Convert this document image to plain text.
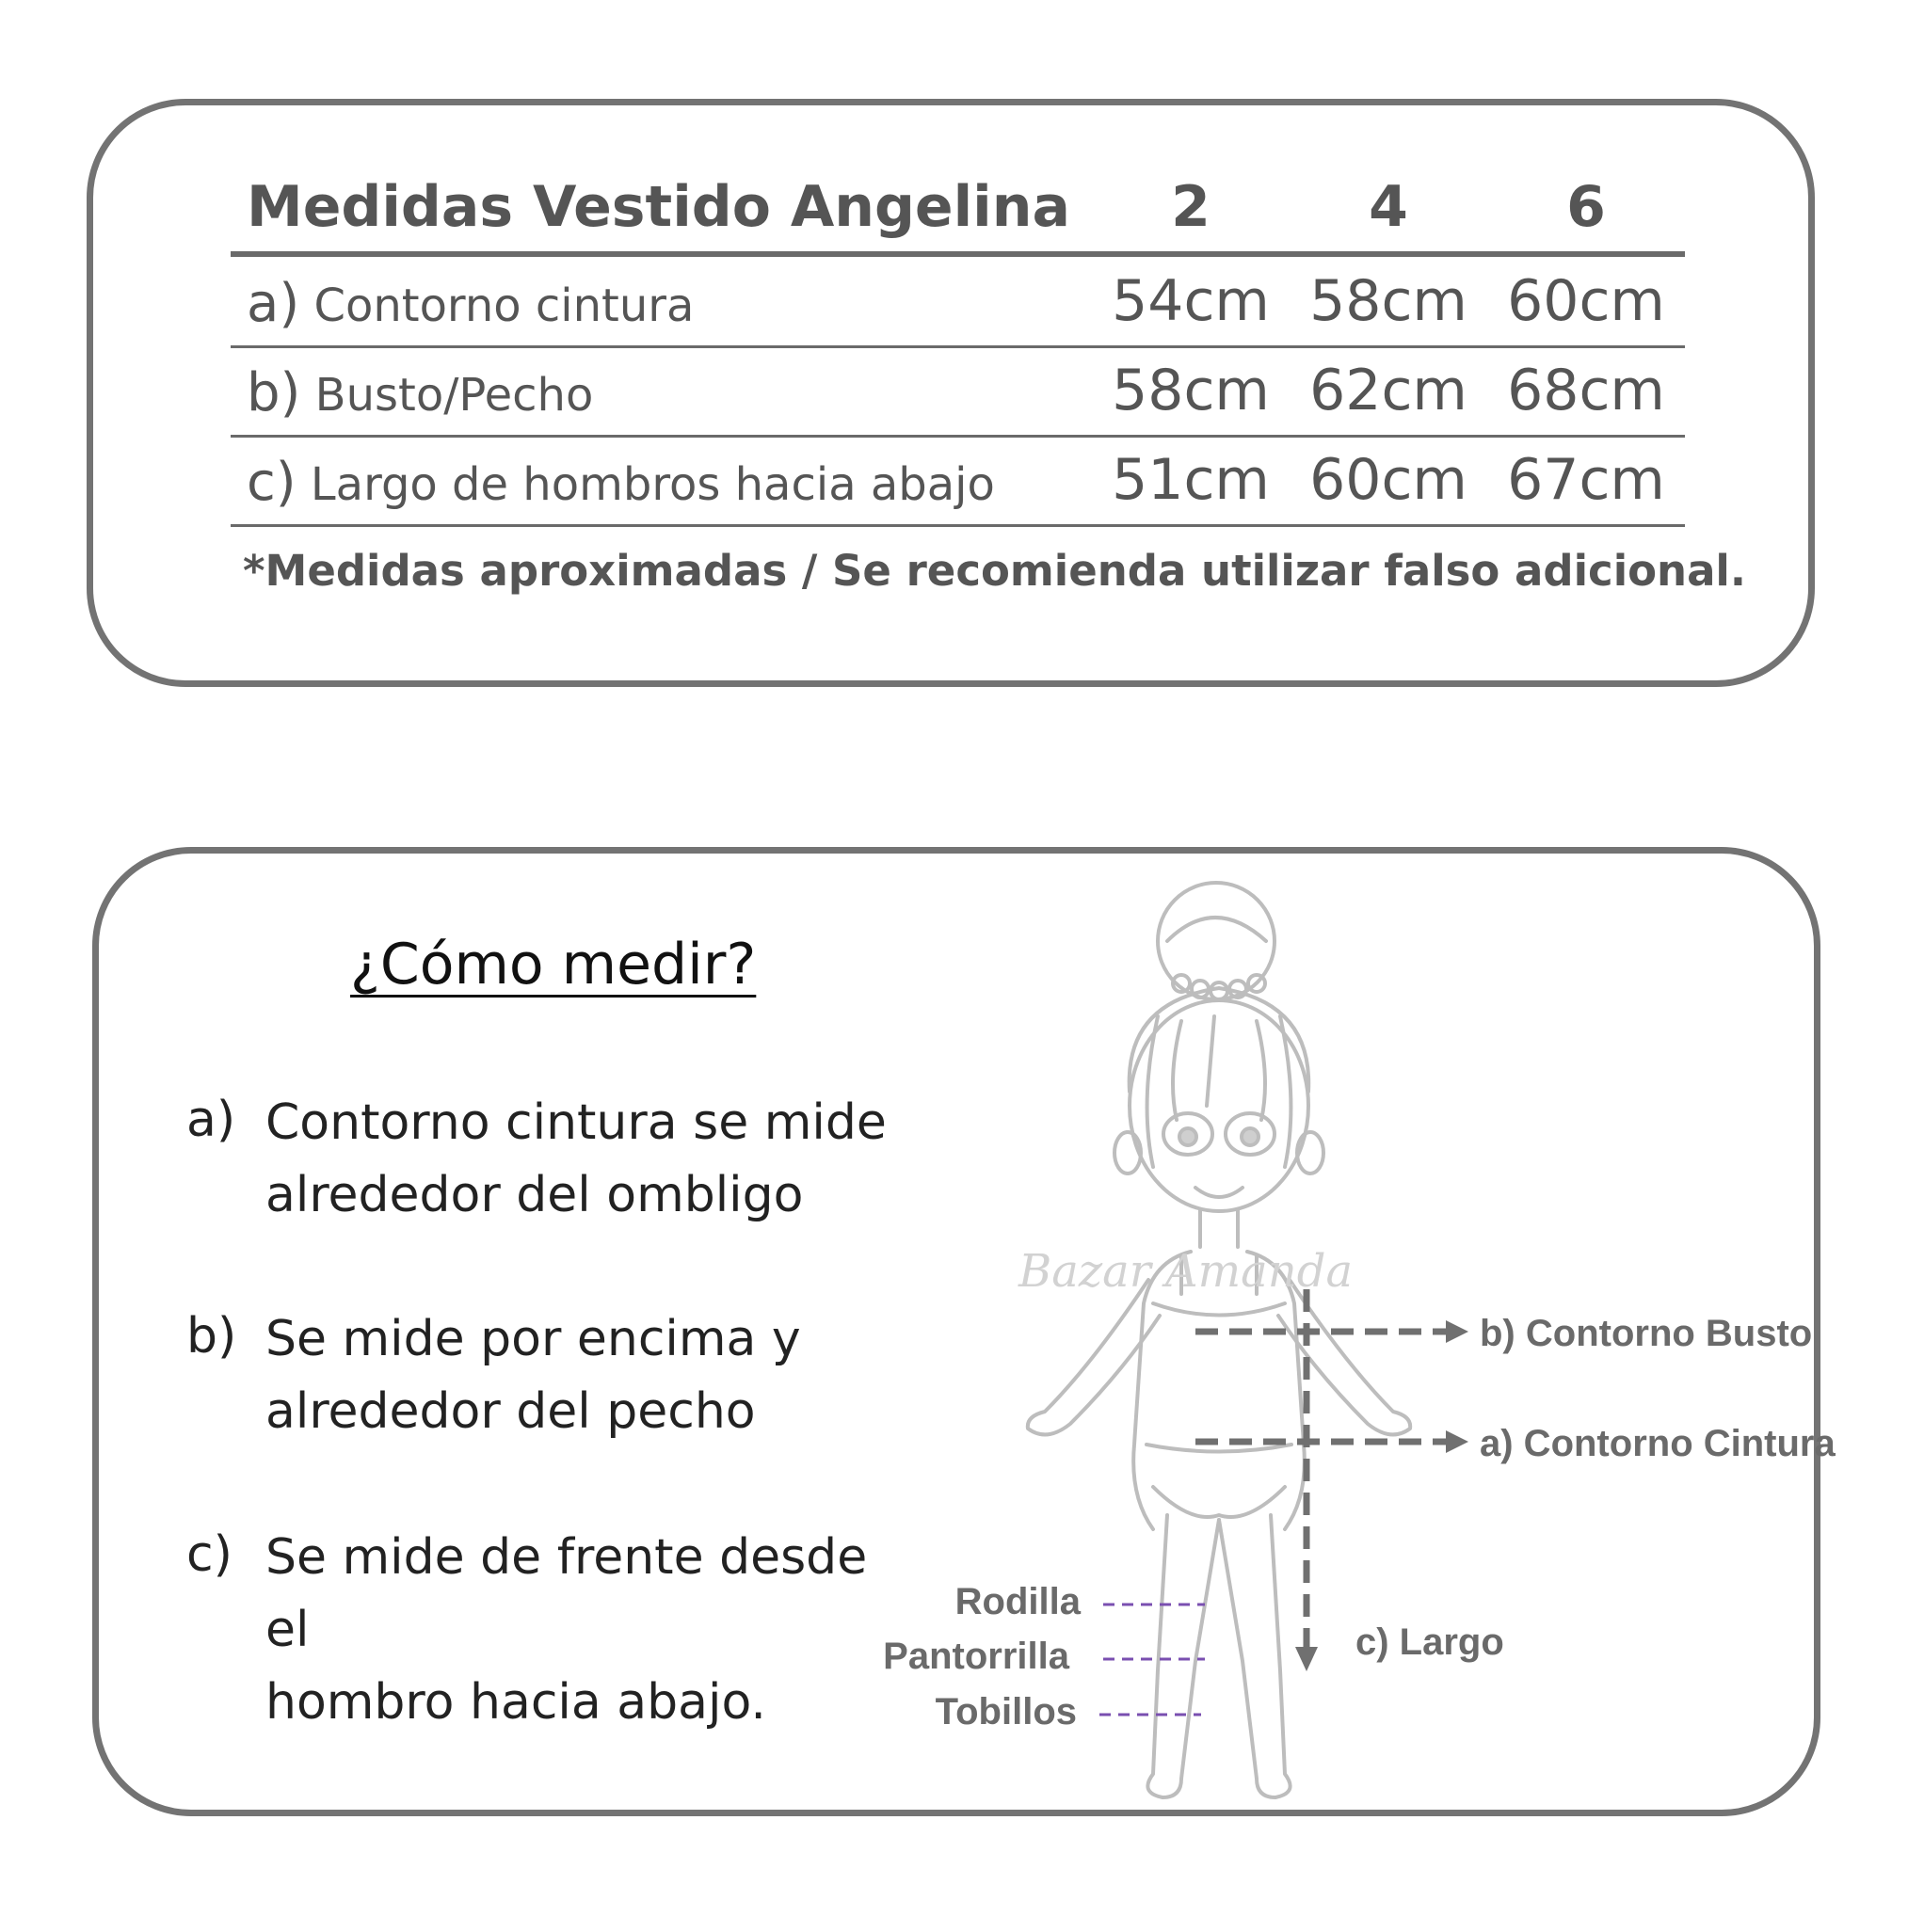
Medidas Vestido Angelina	2	4	6
a) Contorno cintura	54cm 58cm 60cm
b) Busto/Pecho	58cm 62cm 68cm
c) Largo de hombros hacia abajo	51cm 60cm 67cm
*Medidas aproximadas / Se recomienda utilizar falso adicional.
¿Cómo medir?
a) Contorno cintura se mide
alrededor del ombligo
b) Se mide por encima y
alrededor del pecho
c) Se mide de frente desde el
hombro hacia abajo.
Bazar Amanda
b) Contorno Busto
a) Contorno Cintura
c) Largo
Rodilla
Pantorrilla
Tobillos
